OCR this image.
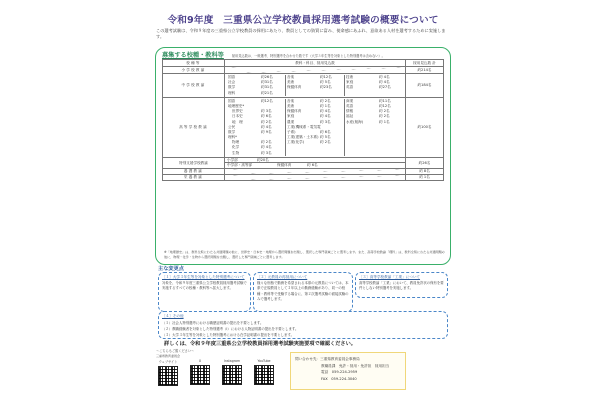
令和9年度　三重県公立学校教員採用選考試験の概要について
この選考試験は、令和９年度の三重県公立学校教員の採用にあたり、教員としての資質に富み、使命感にあふれ、意欲ある人材を選考するために実施します。
募集する校種・教科等	採用見込数は、一般選考、特別選考を合わせた数です（大学３年生等を対象とした特別選考は含めない）。
校種等	教科・科目、採用見込数	採用見込数 計
小学校教諭		約214名
中学校教諭	
国語	約26名
社会	約31名
数学	約31名
理科	約21名
音楽	約12名
美術	約 5名
保健体育	約23名
技術	約 4名
家庭	約 4名
英語	約27名
	約184名
高等学校教諭	
国語	約12名
地理歴史*
世界史	約 3名
日本史	約 6名
地　理	約 2名
公民	約 4名
数学	約 9名
理科*
物理	約 2名
化学	約 4名
生物	約 3名
音楽	約 2名
美術	約 1名
保健体育	約 4名
家庭	約 4名
農業	約 3名
工業(機械系・電気電子系)	約 6名
工業(建築・土木系) 約 5名
工業(化学)	約 2名
商業	約11名
英語	約12名
情報	約 2名
福祉	約 2名
水産(航海)	約 1名
	約100名
特別支援学校教諭	小学部 約20名
中学部・高等部 保健体育 約 6名	約26名
養護教諭		約 8名
栄養教諭		約 1名
※「地理歴史」は、教科全般にわたる共通問題の他に、世界史・日本史・地理から選択問題を出題し、選択した専門領域ごとに選考します。また、高等学校教諭「理科」は、教科全般にわたる共通問題の他に、物理・化学・生物から選択問題を出題し、選択した専門領域ごとに選考します。
主な変更点
［１］大学３年生等を対象とした特別選考について
対象を、令和９年度三重県公立学校教員採用選考試験で実施するすべての校種・教科等へ拡大します。
［２］元教員の再採用について
様々な形態で勤務を希望される本県の元教員については、本県で正規教員として３年以上の勤務経験があり、同一の校種・教科等で受験する場合に、第２次選考試験の面接試験のみで選考します。
［３］高等学校教諭「工業」について
高等学校教諭「工業」において、教員免許状の保有を要件としない特別選考を実施します。
［４］その他
（１）社会人特別選考における職歴証明書の提出を不要とします。
（２）教職経験者を対象とした特別選考（Ⅰ）における人物証明書の提出を不要とします。
（３）大学３年生等を対象とした特別選考における在学証明書の提出を不要とします。
詳しくは、令和９年度三重県公立学校教員採用選考試験実施要項で確認ください。
～こちらもご覧ください～
三重県教育委員会
ウェブサイト	X	Instagram	YouTube	問い合わせ先：三重県教育委員会事務局
教職員課　免許・採用・免許担　採用担当
電話　059-224-2959
FAX　059-224-3040
